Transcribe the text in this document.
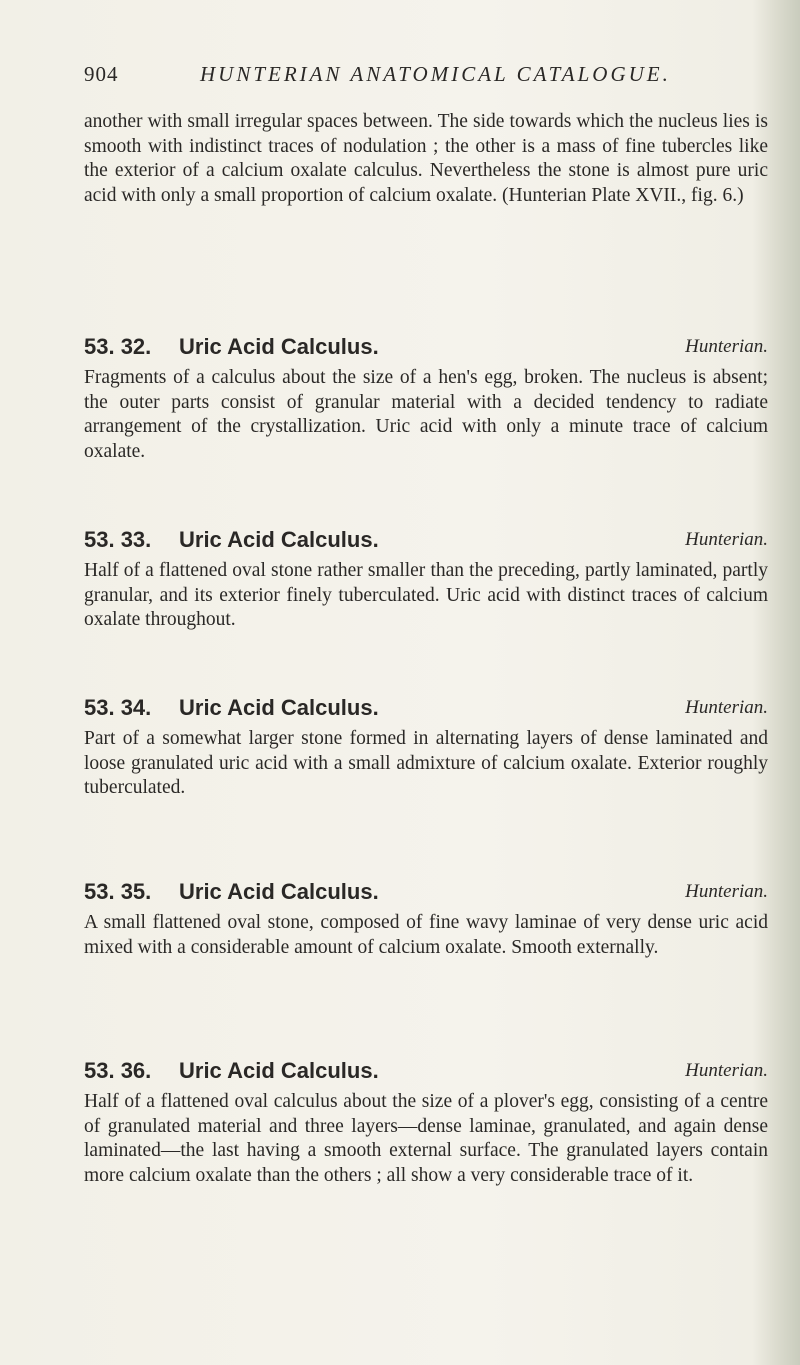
904	HUNTERIAN ANATOMICAL CATALOGUE.

another with small irregular spaces between. The side towards which the nucleus lies is smooth with indistinct traces of nodulation ; the other is a mass of fine tubercles like the exterior of a calcium oxalate calculus. Nevertheless the stone is almost pure uric acid with only a small proportion of calcium oxalate. (Hunterian Plate XVII., fig. 6.)

53. 32. Uric Acid Calculus.	Hunterian.

Fragments of a calculus about the size of a hen's egg, broken. The nucleus is absent; the outer parts consist of granular material with a decided tendency to radiate arrangement of the crystallization. Uric acid with only a minute trace of calcium oxalate.

53. 33. Uric Acid Calculus.	Hunterian.

Half of a flattened oval stone rather smaller than the preceding, partly laminated, partly granular, and its exterior finely tuberculated. Uric acid with distinct traces of calcium oxalate throughout.

53. 34. Uric Acid Calculus.	Hunterian.

Part of a somewhat larger stone formed in alternating layers of dense laminated and loose granulated uric acid with a small admixture of calcium oxalate. Exterior roughly tuberculated.

53. 35. Uric Acid Calculus.	Hunterian.

A small flattened oval stone, composed of fine wavy laminae of very dense uric acid mixed with a considerable amount of calcium oxalate. Smooth externally.

53. 36. Uric Acid Calculus.	Hunterian.

Half of a flattened oval calculus about the size of a plover's egg, consisting of a centre of granulated material and three layers—dense laminae, granulated, and again dense laminated—the last having a smooth external surface. The granulated layers contain more calcium oxalate than the others ; all show a very considerable trace of it.
